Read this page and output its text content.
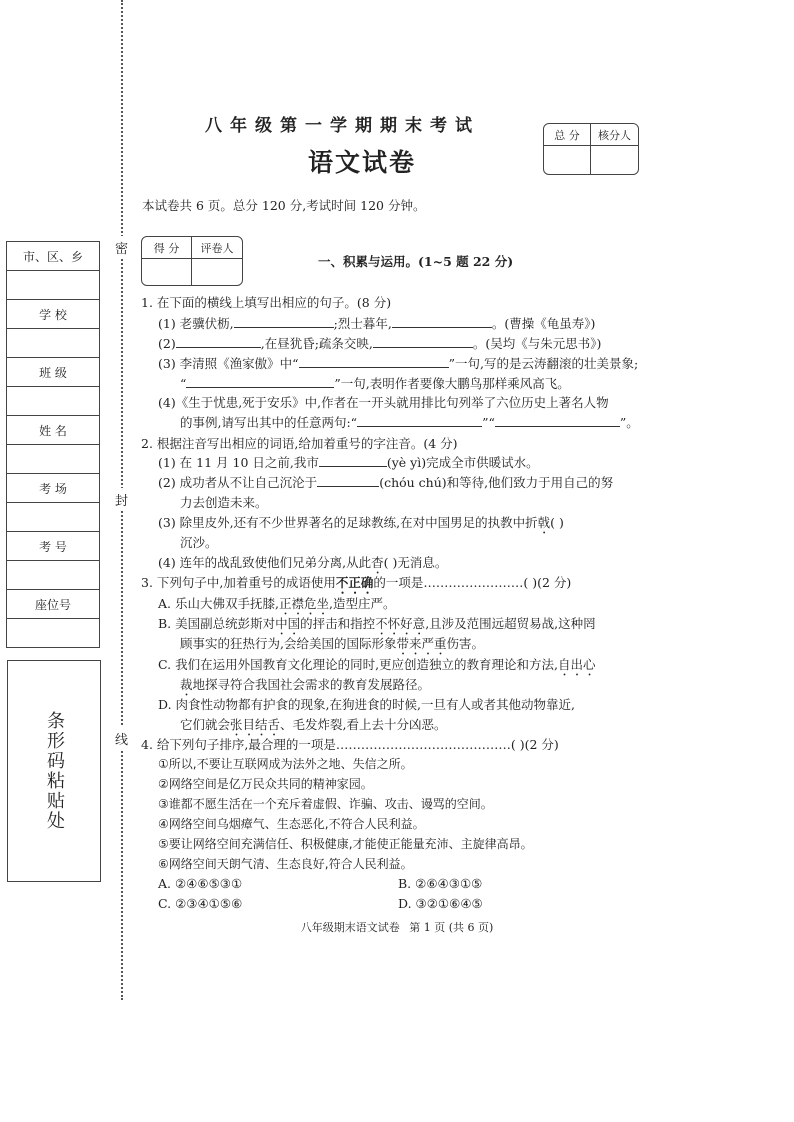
密
封
线
市、区、乡
学 校
班 级
姓 名
考 场
考 号
座位号
条形码粘贴处
八年级第一学期期末考试
语文试卷
本试卷共 6 页。总分 120 分,考试时间 120 分钟。
总 分	核分人
得 分	评卷人
一、积累与运用。(1~5 题 22 分)
1. 在下面的横线上填写出相应的句子。(8 分)
(1) 老骥伏枥,	;烈士暮年,	。(曹操《龟虽寿》)
(2)	,在昼犹昏;疏条交映,	。(吴均《与朱元思书》)
(3) 李清照《渔家傲》中“	”一句,写的是云涛翻滚的壮美景象;
“	”一句,表明作者要像大鹏鸟那样乘风高飞。
(4)《生于忧患,死于安乐》中,作者在一开头就用排比句列举了六位历史上著名人物
的事例,请写出其中的任意两句:“	”“	”。
2. 根据注音写出相应的词语,给加着重号的字注音。(4 分)
(1) 在 11 月 10 日之前,我市	(yè yì)完成全市供暖试水。
(2) 成功者从不让自己沉沦于	(chóu chú)和等待,他们致力于用自己的努
力去创造未来。
(3) 除里皮外,还有不少世界著名的足球教练,在对中国男足的执教中折戟( )
沉沙。
(4) 连年的战乱致使他们兄弟分离,从此杳( )无消息。
3. 下列句子中,加着重号的成语使用不正确的一项是……………………( )(2 分)
A. 乐山大佛双手抚膝,正襟危坐,造型庄严。
B. 美国副总统彭斯对中国的抨击和指控不怀好意,且涉及范围远超贸易战,这种罔
顾事实的狂热行为,会给美国的国际形象带来严重伤害。
C. 我们在运用外国教育文化理论的同时,更应创造独立的教育理论和方法,自出心
裁地探寻符合我国社会需求的教育发展路径。
D. 肉食性动物都有护食的现象,在狗进食的时候,一旦有人或者其他动物靠近,
它们就会张目结舌、毛发炸裂,看上去十分凶恶。
4. 给下列句子排序,最合理的一项是……………………………………( )(2 分)
①所以,不要让互联网成为法外之地、失信之所。
②网络空间是亿万民众共同的精神家园。
③谁都不愿生活在一个充斥着虚假、诈骗、攻击、谩骂的空间。
④网络空间乌烟瘴气、生态恶化,不符合人民利益。
⑤要让网络空间充满信任、积极健康,才能使正能量充沛、主旋律高昂。
⑥网络空间天朗气清、生态良好,符合人民利益。
A. ②④⑥⑤③①	B. ②⑥④③①⑤
C. ②③④①⑤⑥	D. ③②①⑥④⑤
八年级期末语文试卷 第 1 页 (共 6 页)
